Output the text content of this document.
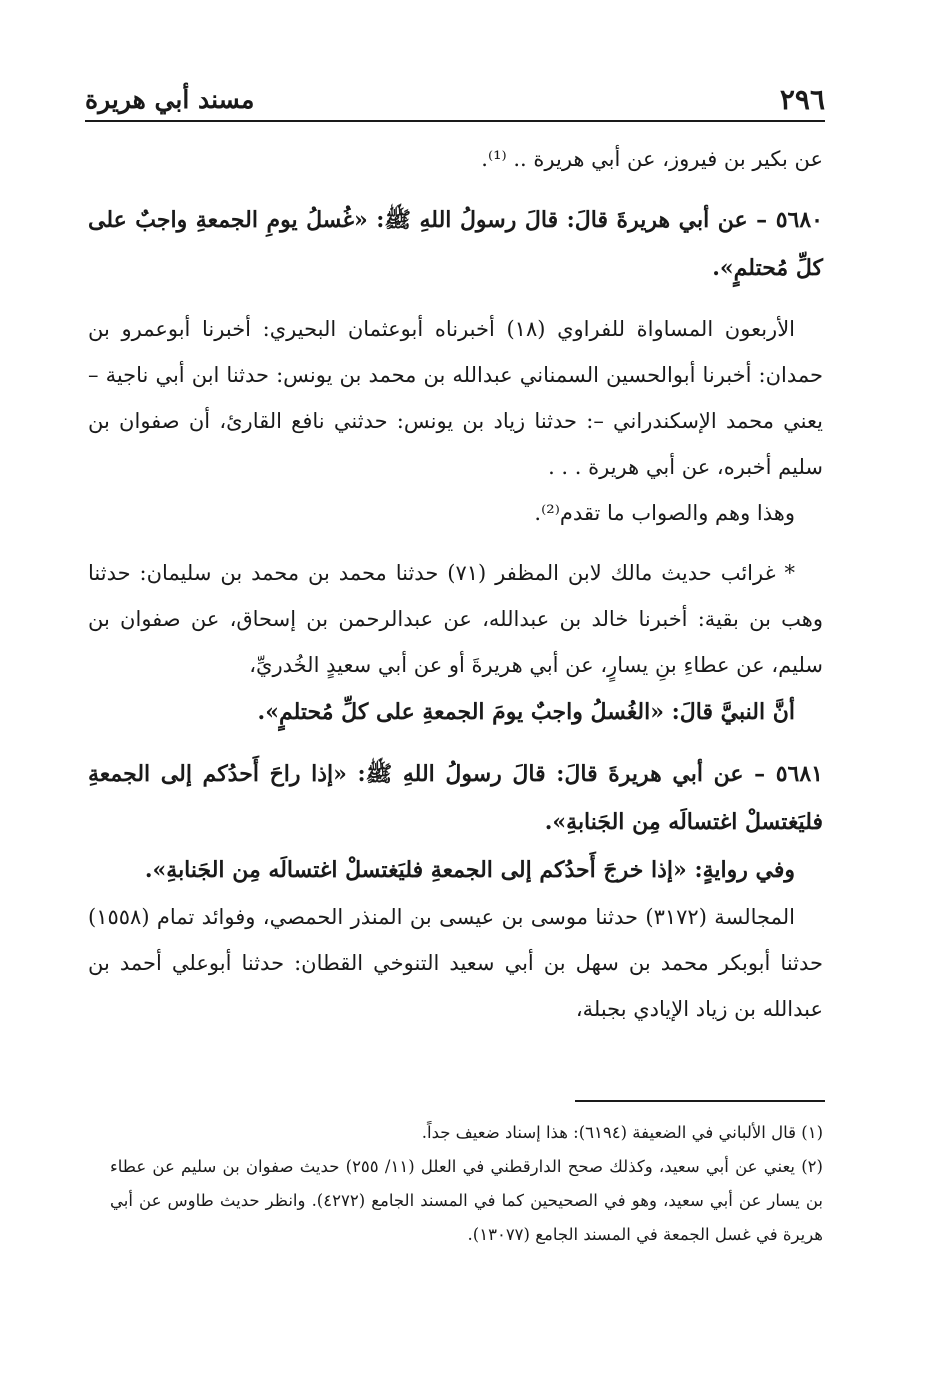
٢٩٦
مسند أبي هريرة

عن بكير بن فيروز، عن أبي هريرة .. ⁽¹⁾.

٥٦٨٠ – عن أبي هريرةَ قالَ: قالَ رسولُ اللهِ ﷺ: «غُسلُ يومِ الجمعةِ واجبٌ على كلِّ مُحتلمٍ».

الأربعون المساواة للفراوي (١٨) أخبرناه أبوعثمان البحيري: أخبرنا أبوعمرو بن حمدان: أخبرنا أبوالحسين السمناني عبدالله بن محمد بن يونس: حدثنا ابن أبي ناجية – يعني محمد الإسكندراني –: حدثنا زياد بن يونس: حدثني نافع القارئ، أن صفوان بن سليم أخبره، عن أبي هريرة . . .

وهذا وهم والصواب ما تقدم⁽²⁾.

* غرائب حديث مالك لابن المظفر (٧١) حدثنا محمد بن محمد بن سليمان: حدثنا وهب بن بقية: أخبرنا خالد بن عبدالله، عن عبدالرحمن بن إسحاق، عن صفوان بن سليم، عن عطاءِ بنِ يسارٍ، عن أبي هريرةَ أو عن أبي سعيدٍ الخُدريِّ،

أنَّ النبيَّ قالَ: «الغُسلُ واجبٌ يومَ الجمعةِ على كلِّ مُحتلمٍ».

٥٦٨١ – عن أبي هريرةَ قالَ: قالَ رسولُ اللهِ ﷺ: «إذا راحَ أَحدُكم إلى الجمعةِ فليَغتسلْ اغتسالَه مِن الجَنابةِ».

وفي روايةٍ: «إذا خرجَ أَحدُكم إلى الجمعةِ فليَغتسلْ اغتسالَه مِن الجَنابةِ».

المجالسة (٣١٧٢) حدثنا موسى بن عيسى بن المنذر الحمصي، وفوائد تمام (١٥٥٨) حدثنا أبوبكر محمد بن سهل بن أبي سعيد التنوخي القطان: حدثنا أبوعلي أحمد بن عبدالله بن زياد الإيادي بجبلة،

(١) قال الألباني في الضعيفة (٦١٩٤): هذا إسناد ضعيف جداً.

(٢) يعني عن أبي سعيد، وكذلك صحح الدارقطني في العلل (١١/ ٢٥٥) حديث صفوان بن سليم عن عطاء بن يسار عن أبي سعيد، وهو في الصحيحين كما في المسند الجامع (٤٢٧٢). وانظر حديث طاوس عن أبي هريرة في غسل الجمعة في المسند الجامع (١٣٠٧٧).
